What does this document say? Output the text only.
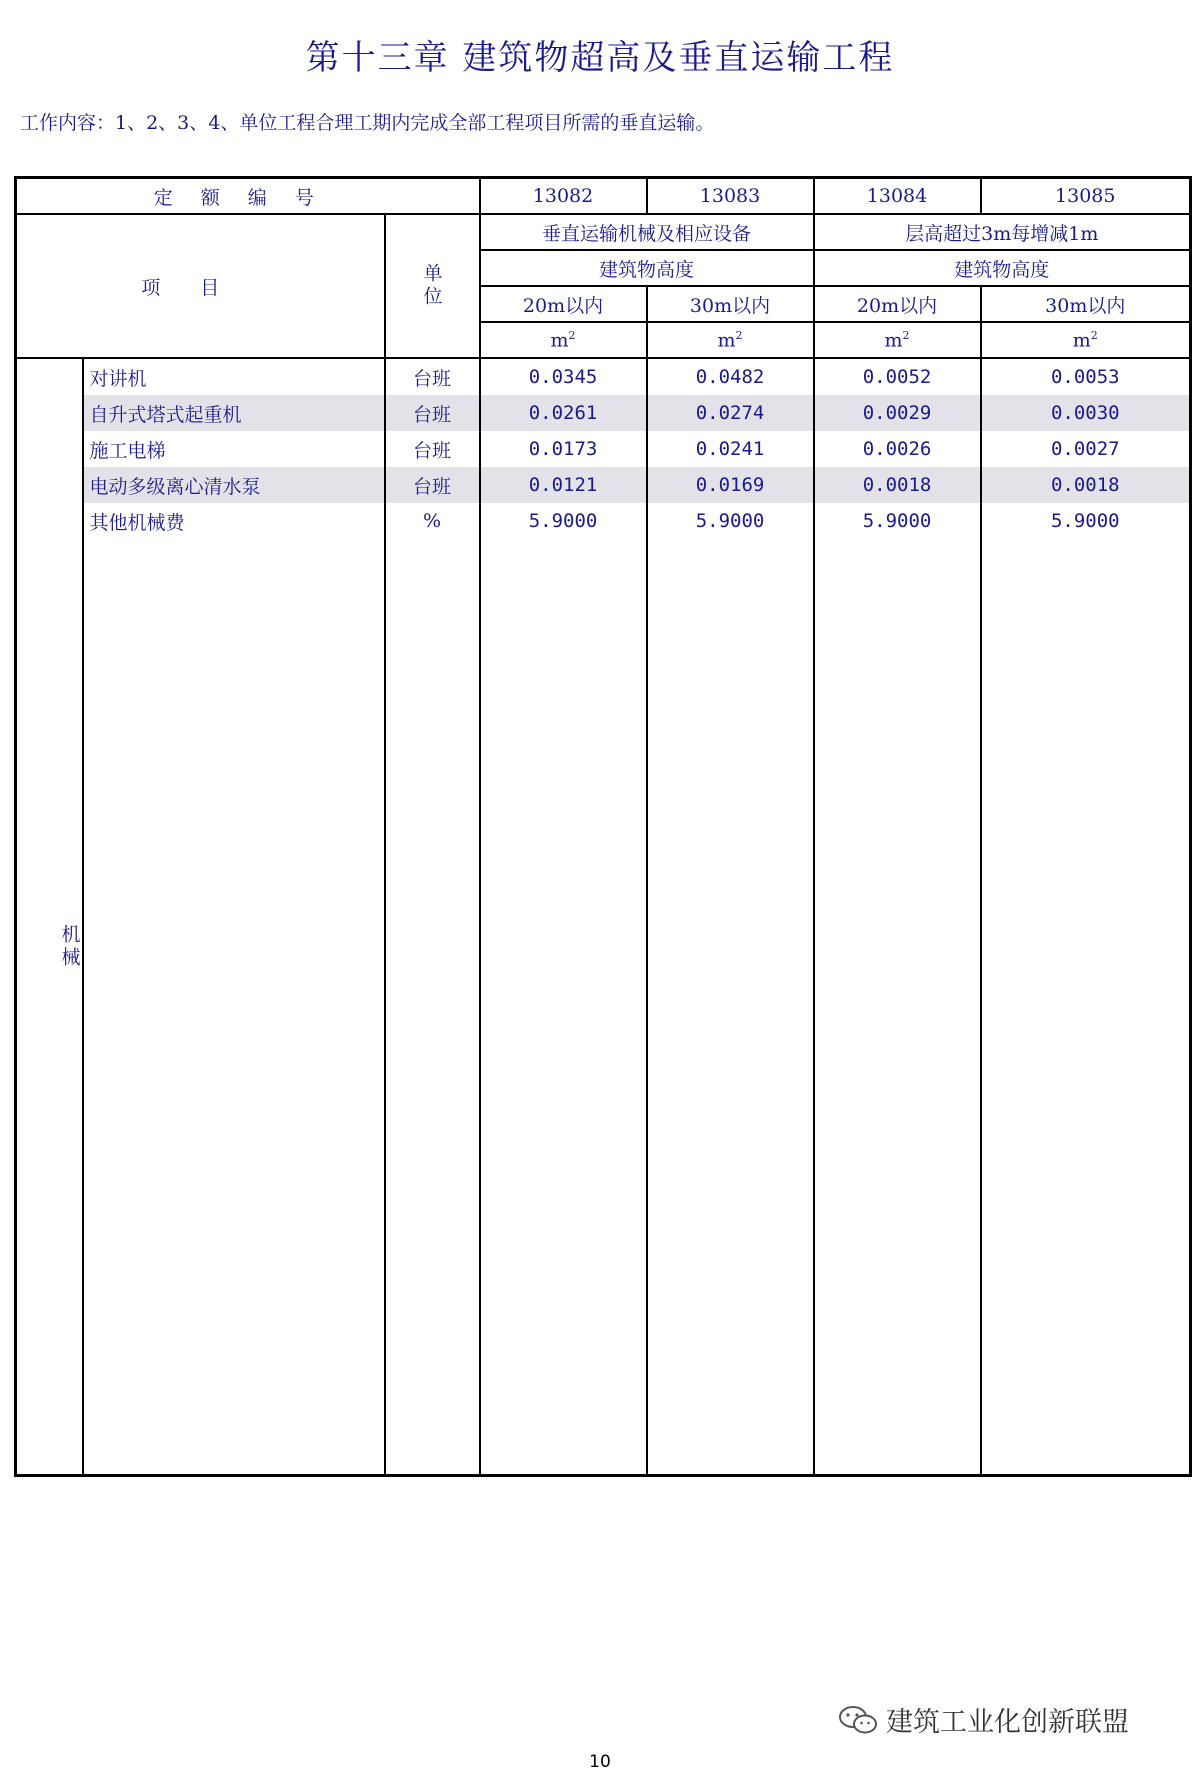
第十三章 建筑物超高及垂直运输工程
工作内容：1、2、3、4、单位工程合理工期内完成全部工程项目所需的垂直运输。
定额编号			13082	13083	13084	13085
项目		单位	垂直运输机械及相应设备		层高超过3m每增减1m	
			建筑物高度		建筑物高度	
			20m以内	30m以内	20m以内	30m以内
			$m^2$	$m^2$	$m^2$	$m^2$
机械	对讲机	台班	0.0345	0.0482	0.0052	0.0053
	自升式塔式起重机	台班	0.0261	0.0274	0.0029	0.0030
	施工电梯	台班	0.0173	0.0241	0.0026	0.0027
	电动多级离心清水泵	台班	0.0121	0.0169	0.0018	0.0018
	其他机械费	%	5.9000	5.9000	5.9000	5.9000

建筑工业化创新联盟
10
